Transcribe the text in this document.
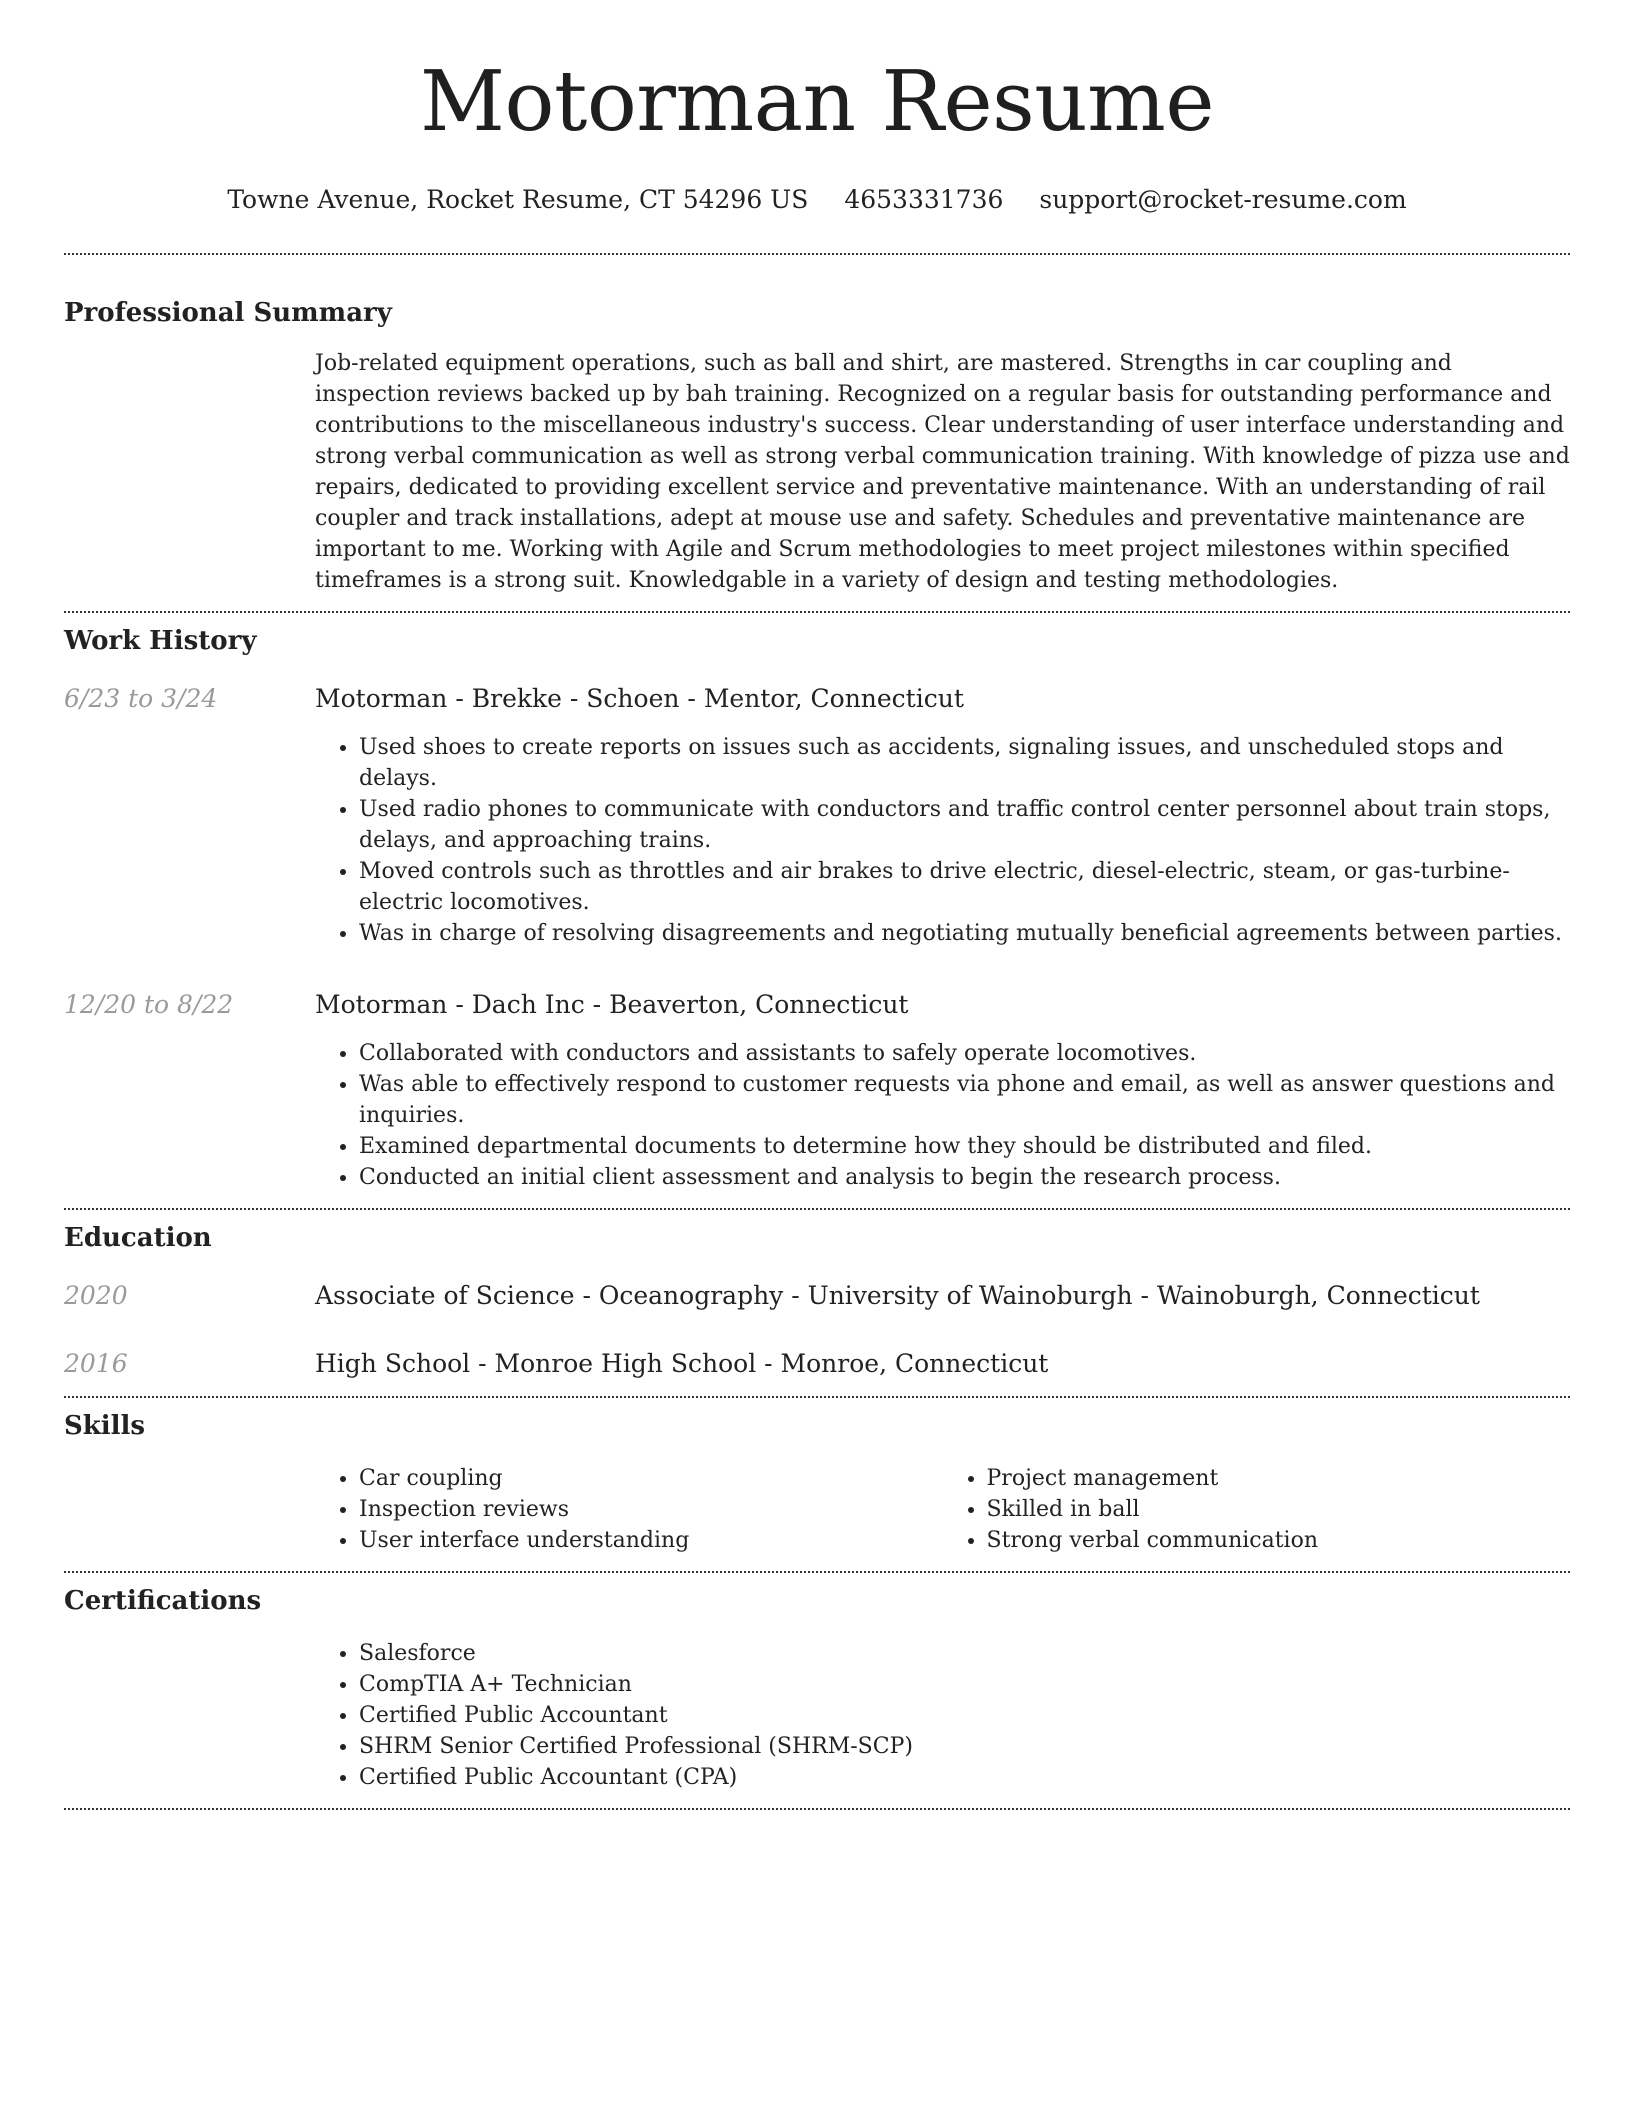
Motorman Resume
Towne Avenue, Rocket Resume, CT 54296 US 4653331736 support@rocket-resume.com
Professional Summary

Job-related equipment operations, such as ball and shirt, are mastered. Strengths in car coupling and inspection reviews backed up by bah training. Recognized on a regular basis for outstanding performance and contributions to the miscellaneous industry's success. Clear understanding of user interface understanding and strong verbal communication as well as strong verbal communication training. With knowledge of pizza use and repairs, dedicated to providing excellent service and preventative maintenance. With an understanding of rail coupler and track installations, adept at mouse use and safety. Schedules and preventative maintenance are important to me. Working with Agile and Scrum methodologies to meet project milestones within specified timeframes is a strong suit. Knowledgable in a variety of design and testing methodologies.

Work History
6/23 to 3/24	Motorman - Brekke - Schoen - Mentor, Connecticut
• Used shoes to create reports on issues such as accidents, signaling issues, and unscheduled stops and delays.
• Used radio phones to communicate with conductors and traffic control center personnel about train stops, delays, and approaching trains.
• Moved controls such as throttles and air brakes to drive electric, diesel-electric, steam, or gas-turbine-electric locomotives.
• Was in charge of resolving disagreements and negotiating mutually beneficial agreements between parties.
12/20 to 8/22	Motorman - Dach Inc - Beaverton, Connecticut
• Collaborated with conductors and assistants to safely operate locomotives.
• Was able to effectively respond to customer requests via phone and email, as well as answer questions and inquiries.
• Examined departmental documents to determine how they should be distributed and filed.
• Conducted an initial client assessment and analysis to begin the research process.
Education
2020	Associate of Science - Oceanography - University of Wainoburgh - Wainoburgh, Connecticut
2016	High School - Monroe High School - Monroe, Connecticut
Skills
• Car coupling
• Inspection reviews
• User interface understanding
• Project management
• Skilled in ball
• Strong verbal communication
Certifications
• Salesforce
• CompTIA A+ Technician
• Certified Public Accountant
• SHRM Senior Certified Professional (SHRM-SCP)
• Certified Public Accountant (CPA)
